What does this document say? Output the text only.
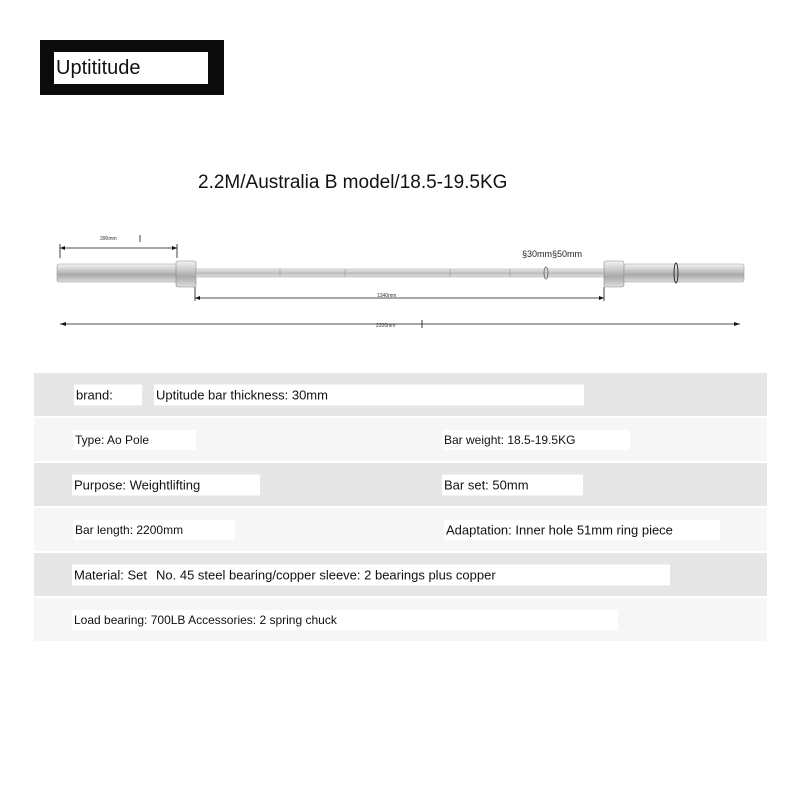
Uptititude
2.2M/Australia B model/18.5-19.5KG
390mm
§30mm§50mm
1340mm
2200mm
brand:	Uptitude bar thickness: 30mm
Type: Ao Pole	Bar weight: 18.5-19.5KG
Purpose: Weightlifting	Bar set: 50mm
Bar length: 2200mm	Adaptation: Inner hole 51mm ring piece
Material: Set No. 45 steel bearing/copper sleeve: 2 bearings plus copper
Load bearing: 700LB Accessories: 2 spring chuck
